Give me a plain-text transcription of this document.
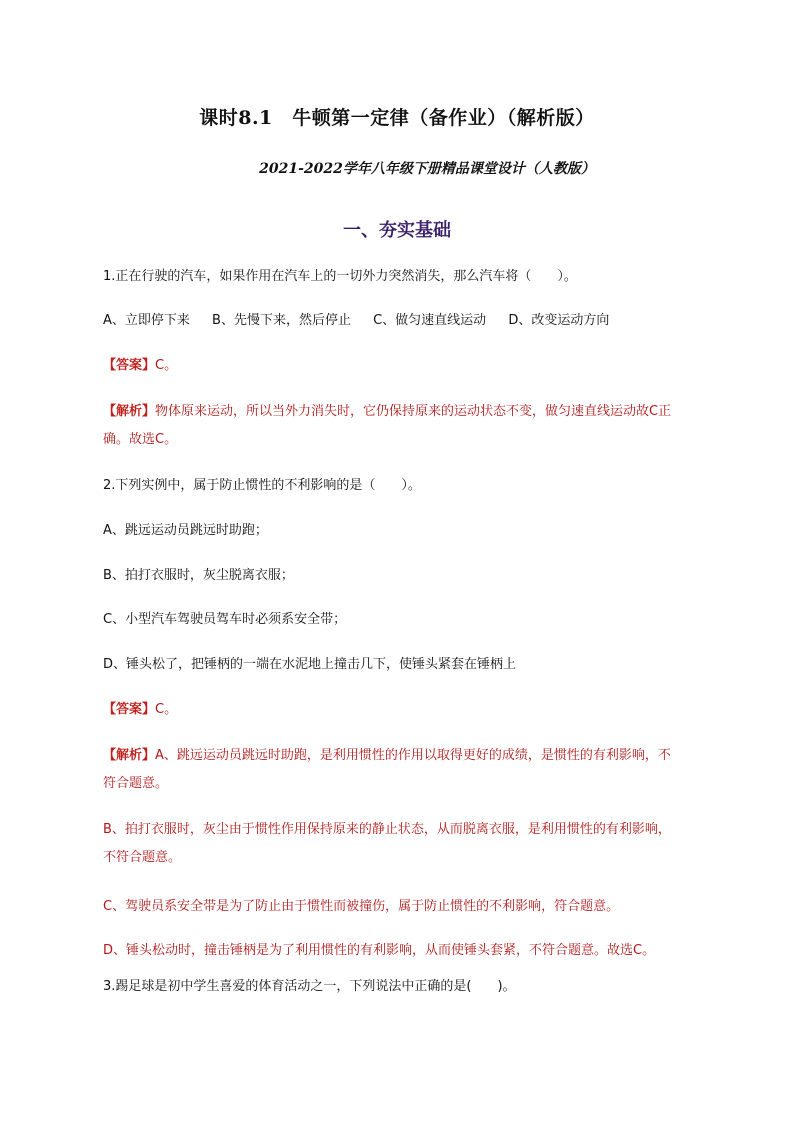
课时8.1　牛顿第一定律（备作业）（解析版）
2021-2022学年八年级下册精品课堂设计（人教版）
一、夯实基础
1.正在行驶的汽车，如果作用在汽车上的一切外力突然消失，那么汽车将（　　）。
A、立即停下来 B、先慢下来，然后停止 C、做匀速直线运动 D、改变运动方向
【答案】C。
【解析】物体原来运动，所以当外力消失时，它仍保持原来的运动状态不变，做匀速直线运动故C正
确。故选C。
2.下列实例中，属于防止惯性的不利影响的是（　　）。
A、跳远运动员跳远时助跑；
B、拍打衣服时，灰尘脱离衣服；
C、小型汽车驾驶员驾车时必须系安全带；
D、锤头松了，把锤柄的一端在水泥地上撞击几下，使锤头紧套在锤柄上
【答案】C。
【解析】A、跳远运动员跳远时助跑，是利用惯性的作用以取得更好的成绩，是惯性的有利影响，不
符合题意。
B、拍打衣服时，灰尘由于惯性作用保持原来的静止状态，从而脱离衣服，是利用惯性的有利影响，
不符合题意。
C、驾驶员系安全带是为了防止由于惯性而被撞伤，属于防止惯性的不利影响，符合题意。
D、锤头松动时，撞击锤柄是为了利用惯性的有利影响，从而使锤头套紧，不符合题意。故选C。
3.踢足球是初中学生喜爱的体育活动之一，下列说法中正确的是(　　)。
